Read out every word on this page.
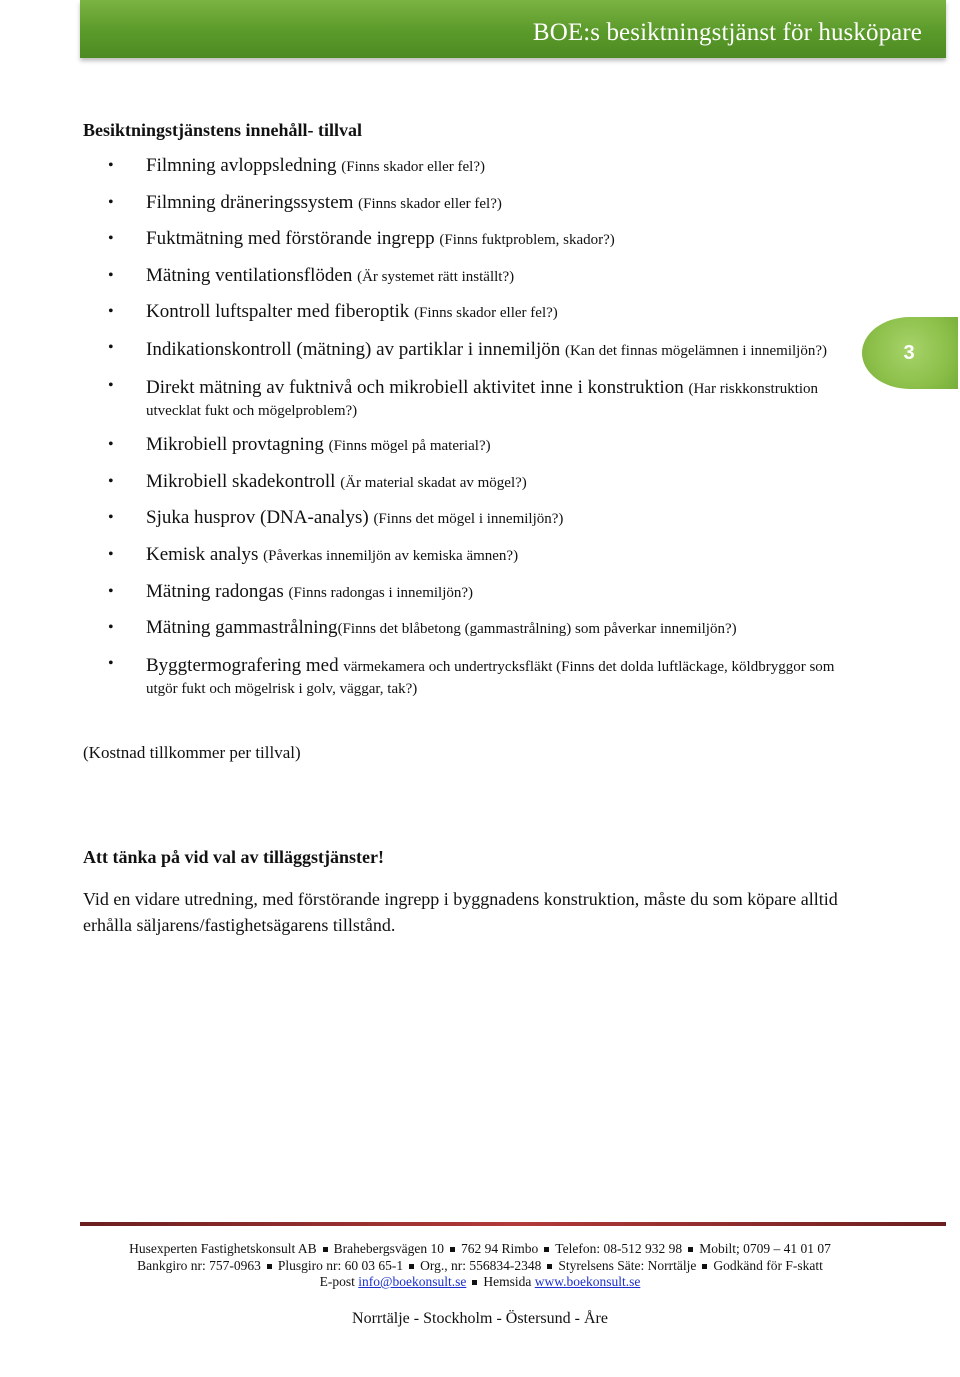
BOE:s besiktningstjänst för husköpare
Besiktningstjänstens innehåll- tillval
• Filmning avloppsledning (Finns skador eller fel?)
• Filmning dräneringssystem (Finns skador eller fel?)
• Fuktmätning med förstörande ingrepp (Finns fuktproblem, skador?)
• Mätning ventilationsflöden (Är systemet rätt inställt?)
• Kontroll luftspalter med fiberoptik (Finns skador eller fel?)
• Indikationskontroll (mätning) av partiklar i innemiljön (Kan det finnas mögelämnen i innemiljön?)
• Direkt mätning av fuktnivå och mikrobiell aktivitet inne i konstruktion (Har riskkonstruktion utvecklat fukt och mögelproblem?)
• Mikrobiell provtagning (Finns mögel på material?)
• Mikrobiell skadekontroll (Är material skadat av mögel?)
• Sjuka husprov (DNA-analys) (Finns det mögel i innemiljön?)
• Kemisk analys (Påverkas innemiljön av kemiska ämnen?)
• Mätning radongas (Finns radongas i innemiljön?)
• Mätning gammastrålning(Finns det blåbetong (gammastrålning) som påverkar innemiljön?)
• Byggtermografering med värmekamera och undertrycksfläkt (Finns det dolda luftläckage, köldbryggor som utgör fukt och mögelrisk i golv, väggar, tak?)
3
(Kostnad tillkommer per tillval)
Att tänka på vid val av tilläggstjänster!
Vid en vidare utredning, med förstörande ingrepp i byggnadens konstruktion, måste du som köpare alltid erhålla säljarens/fastighetsägarens tillstånd.
Husexperten Fastighetskonsult AB Brahebergsvägen 10 762 94 Rimbo Telefon: 08-512 932 98 Mobilt; 0709 – 41 01 07
Bankgiro nr: 757-0963 Plusgiro nr: 60 03 65-1 Org., nr: 556834-2348 Styrelsens Säte: Norrtälje Godkänd för F-skatt
E-post info@boekonsult.se Hemsida www.boekonsult.se
Norrtälje - Stockholm - Östersund - Åre
